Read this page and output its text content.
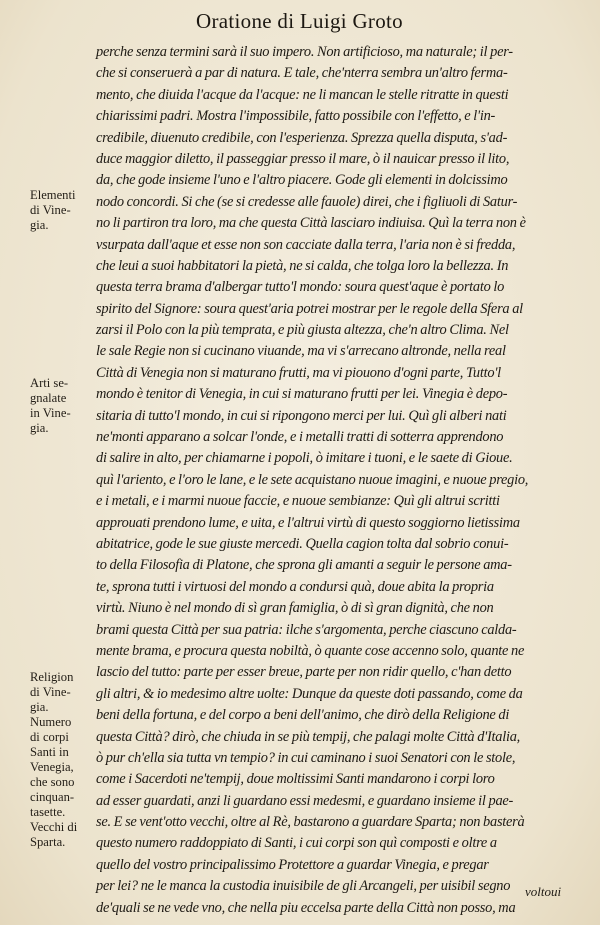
Oratione di Luigi Groto
perche senza termini sarà il suo impero. Non artificioso, ma naturale; il per-
che si conseruerà a par di natura. E tale, che'nterra sembra un'altro ferma-
mento, che diuida l'acque da l'acque: ne li mancan le stelle ritratte in questi
chiarissimi padri. Mostra l'impossibile, fatto possibile con l'effetto, e l'in-
credibile, diuenuto credibile, con l'esperienza. Sprezza quella disputa, s'ad-
duce maggior diletto, il passeggiar presso il mare, ò il nauicar presso il lito,
da, che gode insieme l'uno e l'altro piacere. Gode gli elementi in dolcissimo
nodo concordi. Si che (se si credesse alle fauole) direi, che i figliuoli di Satur-
no li partiron tra loro, ma che questa Città lasciaro indiuisa. Quì la terra non è
vsurpata dall'aque et esse non son cacciate dalla terra, l'aria non è si fredda,
che leui a suoi habbitatori la pietà, ne si calda, che tolga loro la bellezza. In
questa terra brama d'albergar tutto'l mondo: soura quest'aque è portato lo
spirito del Signore: soura quest'aria potrei mostrar per le regole della Sfera al
zarsi il Polo con la più temprata, e più giusta altezza, che'n altro Clima. Nel
le sale Regie non si cucinano viuande, ma vi s'arrecano altronde, nella real
Città di Venegia non si maturano frutti, ma vi piouono d'ogni parte, Tutto'l
mondo è tenitor di Venegia, in cui si maturano frutti per lei. Vinegia è depo-
sitaria di tutto'l mondo, in cui si ripongono merci per lui. Quì gli alberi nati
ne'monti apparano a solcar l'onde, e i metalli tratti di sotterra apprendono
di salire in alto, per chiamarne i popoli, ò imitare i tuoni, e le saete di Gioue.
quì l'ariento, e l'oro le lane, e le sete acquistano nuoue imagini, e nuoue pregio,
e i metali, e i marmi nuoue faccie, e nuoue sembianze: Quì gli altrui scritti
approuati prendono lume, e uita, e l'altrui virtù di questo soggiorno lietissima
abitatrice, gode le sue giuste mercedi. Quella cagion tolta dal sobrio conui-
to della Filosofia di Platone, che sprona gli amanti a seguir le persone ama-
te, sprona tutti i virtuosi del mondo a condursi quà, doue abita la propria
virtù. Niuno è nel mondo di sì gran famiglia, ò di sì gran dignità, che non
brami questa Città per sua patria: ilche s'argomenta, perche ciascuno calda-
mente brama, e procura questa nobiltà, ò quante cose accenno solo, quante ne
lascio del tutto: parte per esser breue, parte per non ridir quello, c'han detto
gli altri, & io medesimo altre uolte: Dunque da queste doti passando, come da
beni della fortuna, e del corpo a beni dell'animo, che dirò della Religione di
questa Città? dirò, che chiuda in se più tempij, che palagi molte Città d'Italia,
ò pur ch'ella sia tutta vn tempio? in cui caminano i suoi Senatori con le stole,
come i Sacerdoti ne'tempij, doue moltissimi Santi mandarono i corpi loro
ad esser guardati, anzi li guardano essi medesmi, e guardano insieme il pae-
se. E se vent'otto vecchi, oltre al Rè, bastarono a guardare Sparta; non basterà
questo numero raddoppiato di Santi, i cui corpi son quì composti e oltre a
quello del vostro principalissimo Protettore a guardar Vinegia, e pregar
per lei? ne le manca la custodia inuisibile de gli Arcangeli, per uisibil segno
de'quali se ne vede vno, che nella piu eccelsa parte della Città non posso, ma
Elementi
di Vine-
gia.
Arti se-
gnalate
in Vine-
gia.
Religion
di Vine-
gia.
Numero
di corpi
Santi in
Venegia,
che sono
cinquan-
tasette.
Vecchi di
Sparta.
voltoui
